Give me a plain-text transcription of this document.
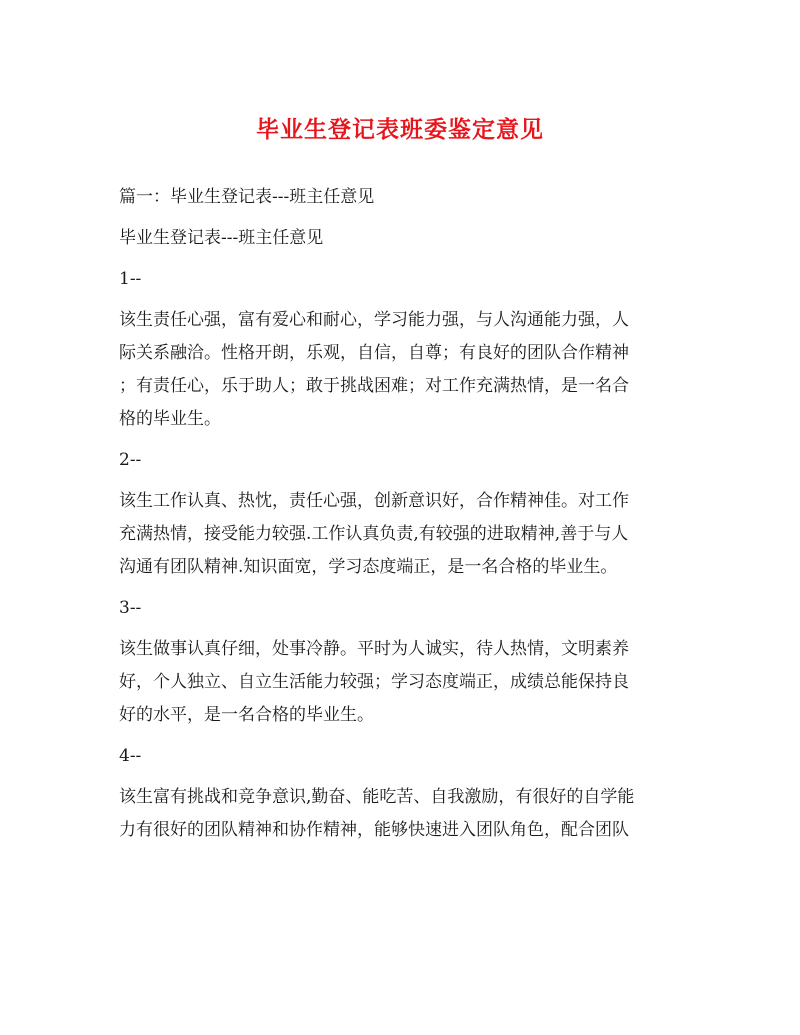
毕业生登记表班委鉴定意见
篇一：毕业生登记表---班主任意见
毕业生登记表---班主任意见
1--
该生责任心强，富有爱心和耐心，学习能力强，与人沟通能力强，人
际关系融洽。性格开朗，乐观，自信，自尊；有良好的团队合作精神
；有责任心，乐于助人；敢于挑战困难；对工作充满热情，是一名合
格的毕业生。
2--
该生工作认真、热忱，责任心强，创新意识好，合作精神佳。对工作
充满热情，接受能力较强.工作认真负责,有较强的进取精神,善于与人
沟通有团队精神.知识面宽，学习态度端正，是一名合格的毕业生。
3--
该生做事认真仔细，处事冷静。平时为人诚实，待人热情，文明素养
好，个人独立、自立生活能力较强；学习态度端正，成绩总能保持良
好的水平，是一名合格的毕业生。
4--
该生富有挑战和竞争意识,勤奋、能吃苦、自我激励，有很好的自学能
力有很好的团队精神和协作精神，能够快速进入团队角色，配合团队
